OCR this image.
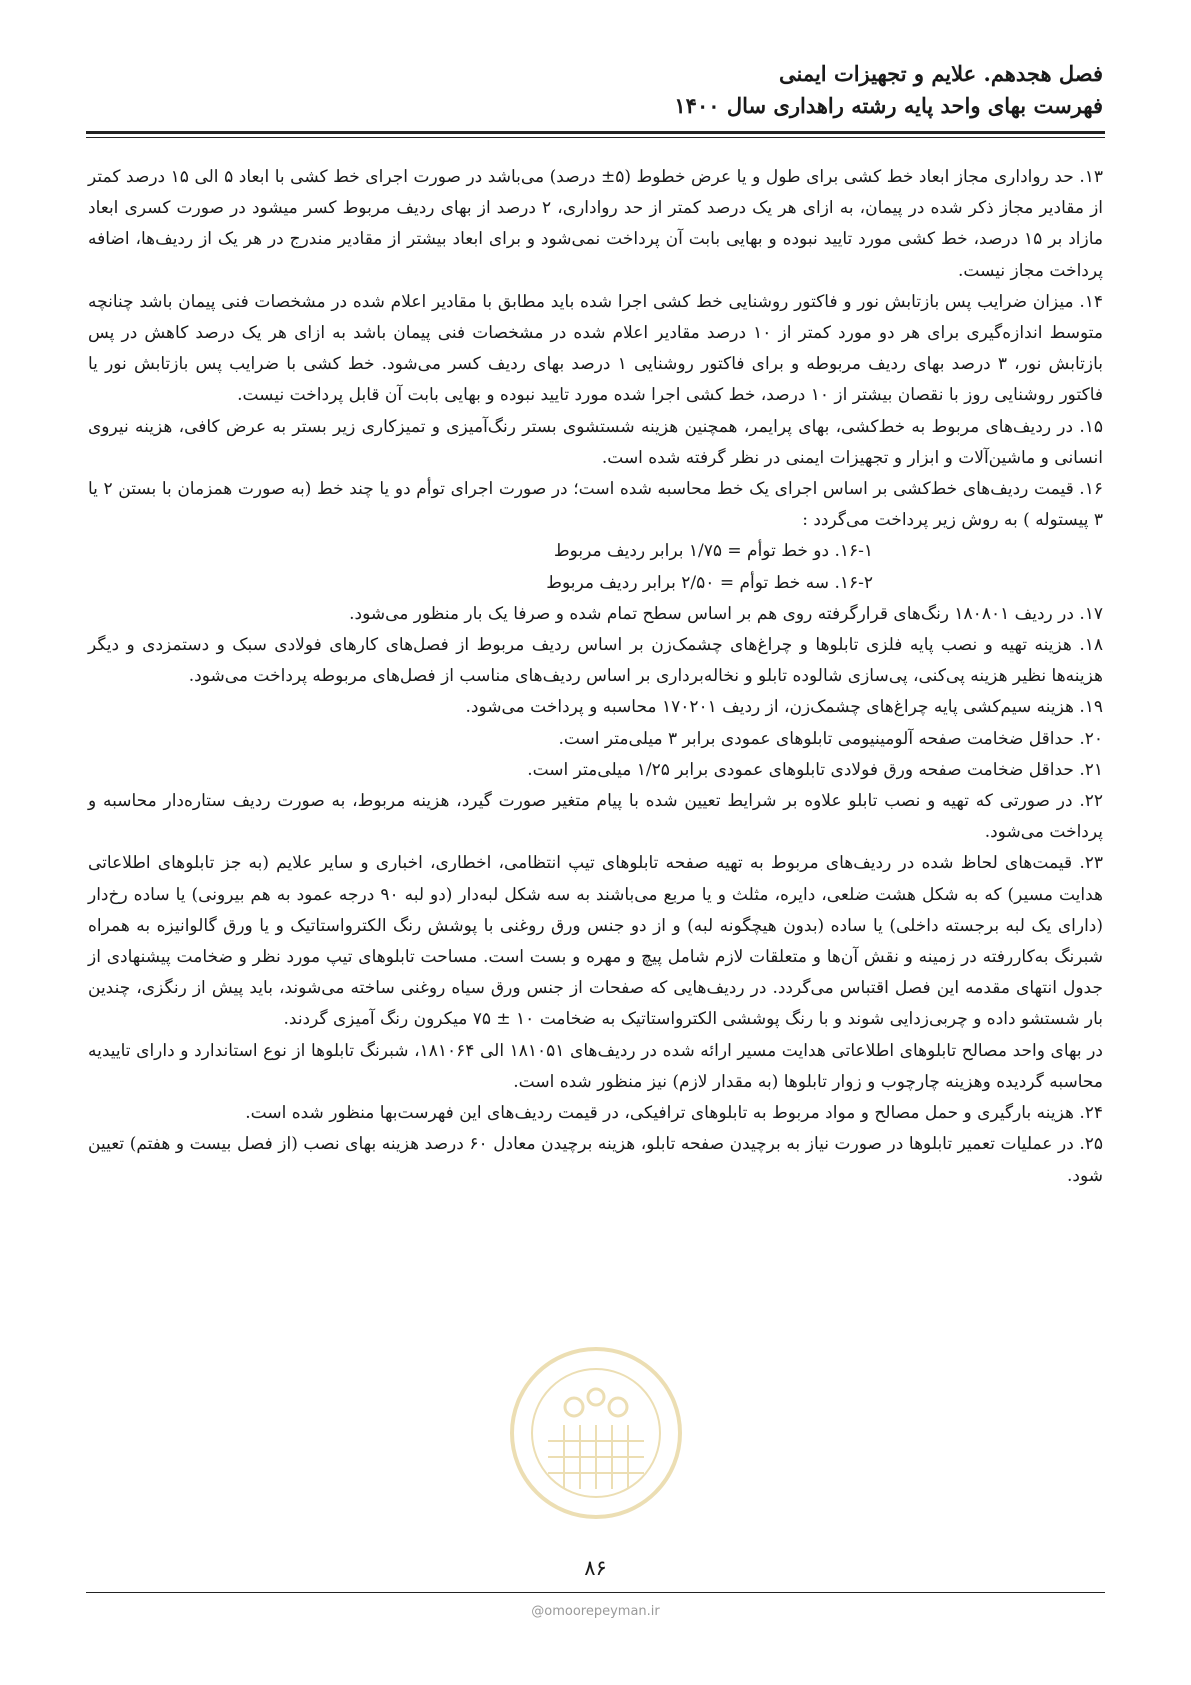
فصل هجدهم. علایم و تجهیزات ایمنی
فهرست بهای واحد پایه رشته راهداری سال ۱۴۰۰

۱۳. حد رواداری مجاز ابعاد خط کشی برای طول و یا عرض خطوط (۵± درصد) می‌باشد در صورت اجرای خط کشی با ابعاد ۵ الی ۱۵ درصد کمتر از مقادیر مجاز ذکر شده در پیمان، به ازای هر یک درصد کمتر از حد رواداری، ۲ درصد از بهای ردیف مربوط کسر میشود در صورت کسری ابعاد مازاد بر ۱۵ درصد، خط کشی مورد تایید نبوده و بهایی بابت آن پرداخت نمی‌شود و برای ابعاد بیشتر از مقادیر مندرج در هر یک از ردیف‌ها، اضافه پرداخت مجاز نیست.

۱۴. میزان ضرایب پس بازتابش نور و فاکتور روشنایی خط کشی اجرا شده باید مطابق با مقادیر اعلام شده در مشخصات فنی پیمان باشد چنانچه متوسط اندازه‌گیری برای هر دو مورد کمتر از ۱۰ درصد مقادیر اعلام شده در مشخصات فنی پیمان باشد به ازای هر یک درصد کاهش در پس بازتابش نور، ۳ درصد بهای ردیف مربوطه و برای فاکتور روشنایی ۱ درصد بهای ردیف کسر می‌شود. خط کشی با ضرایب پس بازتابش نور یا فاکتور روشنایی روز با نقصان بیشتر از ۱۰ درصد، خط کشی اجرا شده مورد تایید نبوده و بهایی بابت آن قابل پرداخت نیست.

۱۵. در ردیف‌های مربوط به خط‌کشی، بهای پرایمر، همچنین هزینه شستشوی بستر رنگ‌آمیزی و تمیزکاری زیر بستر به عرض کافی، هزینه نیروی انسانی و ماشین‌آلات و ابزار و تجهیزات ایمنی در نظر گرفته شده است.

۱۶. قیمت ردیف‌های خط‌کشی بر اساس اجرای یک خط محاسبه شده است؛ در صورت اجرای توأم دو یا چند خط (به صورت همزمان با بستن ۲ یا ۳ پیستوله ) به روش زیر پرداخت می‌گردد :

۱۶-۱. دو خط توأم = ۱/۷۵ برابر ردیف مربوط

۱۶-۲. سه خط توأم = ۲/۵۰ برابر ردیف مربوط

۱۷. در ردیف ۱۸۰۸۰۱ رنگ‌های قرارگرفته روی هم بر اساس سطح تمام شده و صرفا یک بار منظور می‌شود.

۱۸. هزینه تهیه و نصب پایه فلزی تابلوها و چراغ‌های چشمک‌زن بر اساس ردیف مربوط از فصل‌های کارهای فولادی سبک و دستمزدی و دیگر هزینه‌ها نظیر هزینه پی‌کنی، پی‌سازی شالوده تابلو و نخاله‌برداری بر اساس ردیف‌های مناسب از فصل‌های مربوطه پرداخت می‌شود.

۱۹. هزینه سیم‌کشی پایه چراغ‌های چشمک‌زن، از ردیف ۱۷۰۲۰۱ محاسبه و پرداخت می‌شود.

۲۰. حداقل ضخامت صفحه آلومینیومی تابلوهای عمودی برابر ۳ میلی‌متر است.

۲۱. حداقل ضخامت صفحه ورق فولادی تابلوهای عمودی برابر ۱/۲۵ میلی‌متر است.

۲۲. در صورتی که تهیه و نصب تابلو علاوه بر شرایط تعیین شده با پیام متغیر صورت گیرد، هزینه مربوط، به صورت ردیف ستاره‌دار محاسبه و پرداخت می‌شود.

۲۳. قیمت‌های لحاظ شده در ردیف‌های مربوط به تهیه صفحه تابلوهای تیپ انتظامی، اخطاری، اخباری و سایر علایم (به جز تابلوهای اطلاعاتی هدایت مسیر) که به شکل هشت ضلعی، دایره، مثلث و یا مربع می‌باشند به سه شکل لبه‌دار (دو لبه ۹۰ درجه عمود به هم بیرونی) یا ساده رخ‌دار (دارای یک لبه برجسته داخلی) یا ساده (بدون هیچگونه لبه) و از دو جنس ورق روغنی با پوشش رنگ الکترواستاتیک و یا ورق گالوانیزه به همراه شبرنگ به‌کاررفته در زمینه و نقش آن‌ها و متعلقات لازم شامل پیچ و مهره و بست است. مساحت تابلوهای تیپ مورد نظر و ضخامت پیشنهادی از جدول انتهای مقدمه این فصل اقتباس می‌گردد. در ردیف‌هایی که صفحات از جنس ورق سیاه روغنی ساخته می‌شوند، باید پیش از رنگزی، چندین بار شستشو داده و چربی‌زدایی شوند و با رنگ پوششی الکترواستاتیک به ضخامت ۱۰ ± ۷۵ میکرون رنگ آمیزی گردند.

در بهای واحد مصالح تابلوهای اطلاعاتی هدایت مسیر ارائه شده در ردیف‌های ۱۸۱۰۵۱ الی ۱۸۱۰۶۴، شبرنگ تابلوها از نوع استاندارد و دارای تاییدیه محاسبه گردیده وهزینه چارچوب و زوار تابلوها (به مقدار لازم) نیز منظور شده است.

۲۴. هزینه بارگیری و حمل مصالح و مواد مربوط به تابلوهای ترافیکی، در قیمت ردیف‌های این فهرست‌بها منظور شده است.

۲۵. در عملیات تعمیر تابلوها در صورت نیاز به برچیدن صفحه تابلو، هزینه برچیدن معادل ۶۰ درصد هزینه بهای نصب (از فصل بیست و هفتم) تعیین شود.

۸۶
@omoorepeyman.ir
